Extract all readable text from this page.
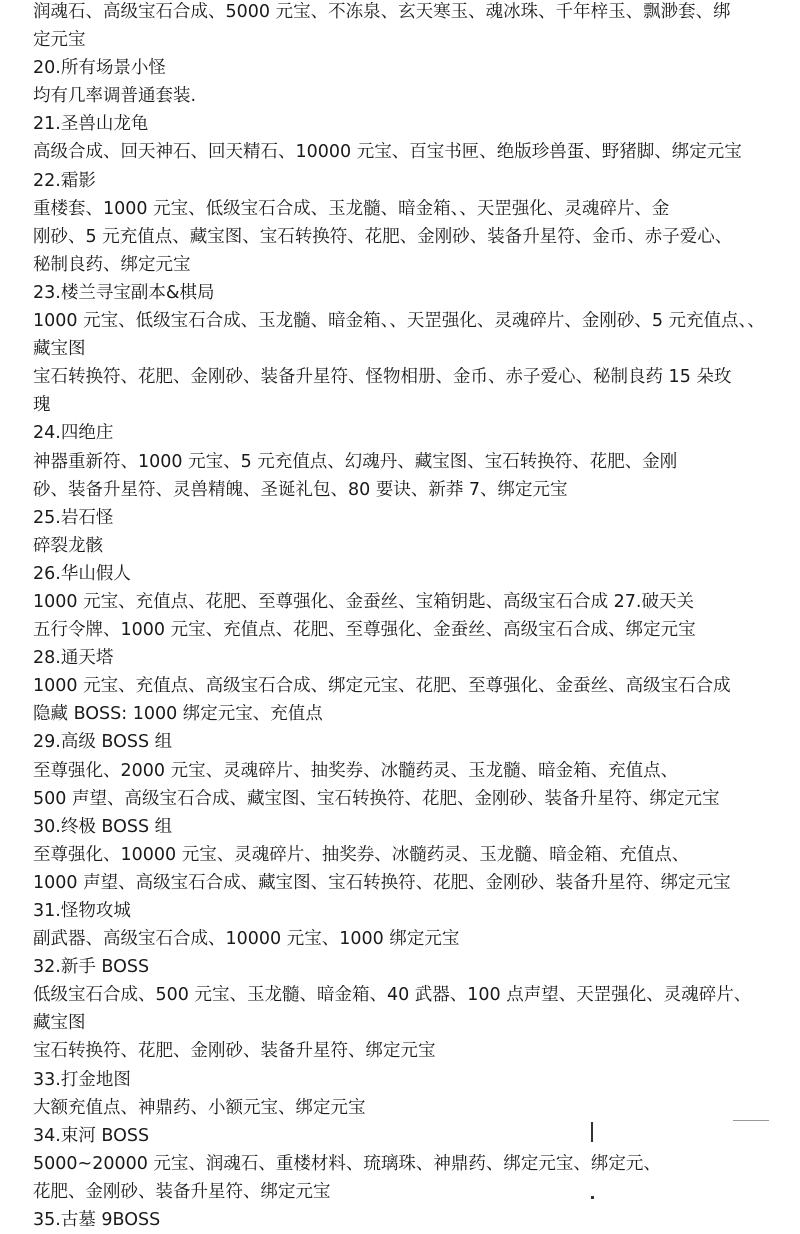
润魂石、高级宝石合成、5000 元宝、不冻泉、玄天寒玉、魂冰珠、千年梓玉、飘渺套、绑
定元宝
20.所有场景小怪
均有几率调普通套装.
21.圣兽山龙龟
高级合成、回天神石、回天精石、10000 元宝、百宝书匣、绝版珍兽蛋、野猪脚、绑定元宝
22.霜影
重楼套、1000 元宝、低级宝石合成、玉龙髓、暗金箱、、天罡强化、灵魂碎片、金
刚砂、5 元充值点、藏宝图、宝石转换符、花肥、金刚砂、装备升星符、金币、赤子爱心、
秘制良药、绑定元宝
23.楼兰寻宝副本&棋局
1000 元宝、低级宝石合成、玉龙髓、暗金箱、、天罡强化、灵魂碎片、金刚砂、5 元充值点、、
藏宝图
宝石转换符、花肥、金刚砂、装备升星符、怪物相册、金币、赤子爱心、秘制良药 15 朵玫
瑰
24.四绝庄
神器重新符、1000 元宝、5 元充值点、幻魂丹、藏宝图、宝石转换符、花肥、金刚
砂、装备升星符、灵兽精魄、圣诞礼包、80 要诀、新莽 7、绑定元宝
25.岩石怪
碎裂龙骸
26.华山假人
1000 元宝、充值点、花肥、至尊强化、金蚕丝、宝箱钥匙、高级宝石合成 27.破天关
五行令牌、1000 元宝、充值点、花肥、至尊强化、金蚕丝、高级宝石合成、绑定元宝
28.通天塔
1000 元宝、充值点、高级宝石合成、绑定元宝、花肥、至尊强化、金蚕丝、高级宝石合成
隐藏 BOSS: 1000 绑定元宝、充值点
29.高级 BOSS 组
至尊强化、2000 元宝、灵魂碎片、抽奖券、冰髓药灵、玉龙髓、暗金箱、充值点、
500 声望、高级宝石合成、藏宝图、宝石转换符、花肥、金刚砂、装备升星符、绑定元宝
30.终极 BOSS 组
至尊强化、10000 元宝、灵魂碎片、抽奖券、冰髓药灵、玉龙髓、暗金箱、充值点、
1000 声望、高级宝石合成、藏宝图、宝石转换符、花肥、金刚砂、装备升星符、绑定元宝
31.怪物攻城
副武器、高级宝石合成、10000 元宝、1000 绑定元宝
32.新手 BOSS
低级宝石合成、500 元宝、玉龙髓、暗金箱、40 武器、100 点声望、天罡强化、灵魂碎片、
藏宝图
宝石转换符、花肥、金刚砂、装备升星符、绑定元宝
33.打金地图
大额充值点、神鼎药、小额元宝、绑定元宝
34.束河 BOSS
5000~20000 元宝、润魂石、重楼材料、琉璃珠、神鼎药、绑定元宝、绑定元、
花肥、金刚砂、装备升星符、绑定元宝
35.古墓 9BOSS
